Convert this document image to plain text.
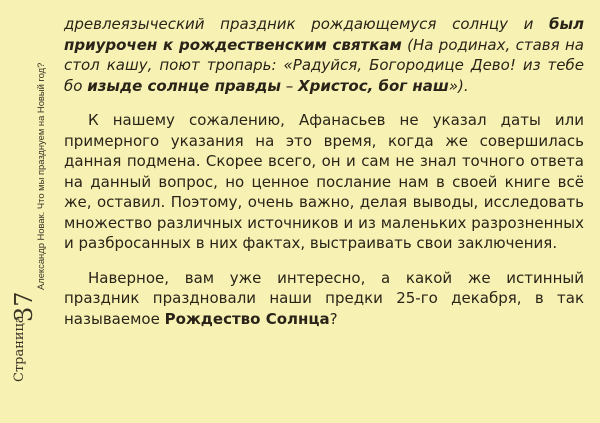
Страница
37
Александр Новак. Что мы празднуем на Новый год?

древлеязыческий праздник рождающемуся солнцу и был приурочен к рождественским святкам (На родинах, ставя на стол кашу, поют тропарь: «Радуйся, Богородице Дево! из тебе бо изыде солнце правды – Христос, бог наш»).

К нашему сожалению, Афанасьев не указал даты или примерного указания на это время, когда же совершилась данная подмена. Скорее всего, он и сам не знал точного ответа на данный вопрос, но ценное послание нам в своей книге всё же, оставил. Поэтому, очень важно, делая выводы, исследовать множество различных источников и из маленьких разрозненных и разбросанных в них фактах, выстраивать свои заключения.

Наверное, вам уже интересно, а какой же истинный праздник праздновали наши предки 25-го декабря, в так называемое Рождество Солнца?
